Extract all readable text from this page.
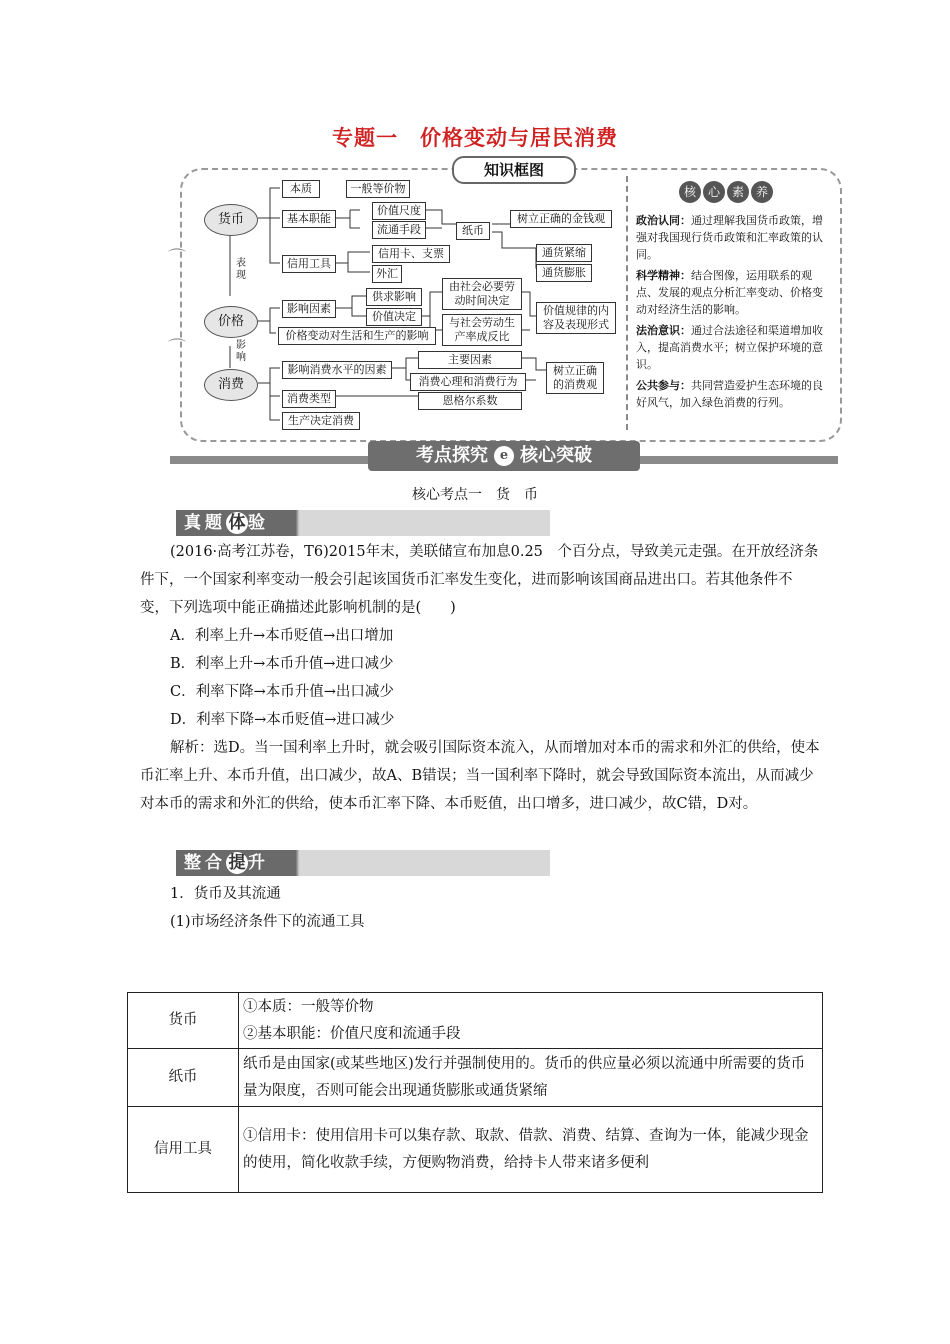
专题一　价格变动与居民消费
知识框图
⌒
⌒
货币
价格
消费
表现
影响
本质	一般等价物
基本职能
价值尺度
流通手段	纸币
树立正确的金钱观
通货紧缩
通货膨胀
信用工具
信用卡、支票
外汇
影响因素
供求影响
价值决定
由社会必要劳动时间决定
与社会劳动生产率成反比
价值规律的内容及表现形式
价格变动对生活和生产的影响
影响消费水平的因素
主要因素
消费心理和消费行为
树立正确的消费观
消费类型	恩格尔系数
生产决定消费
核 心 素 养

政治认同：通过理解我国货币政策，增强对我国现行货币政策和汇率政策的认同。

科学精神：结合图像，运用联系的观点、发展的观点分析汇率变动、价格变动对经济生活的影响。

法治意识：通过合法途径和渠道增加收入，提高消费水平；树立保护环境的意识。

公共参与：共同营造爱护生态环境的良好风气，加入绿色消费的行列。

考点探究 e 核心突破
核心考点一　货　币
真题 体 验

(2016·高考江苏卷，T6)2015年末，美联储宣布加息0.25　个百分点，导致美元走强。在开放经济条件下，一个国家利率变动一般会引起该国货币汇率发生变化，进而影响该国商品进出口。若其他条件不变，下列选项中能正确描述此影响机制的是(　　)

A．利率上升→本币贬值→出口增加

B．利率上升→本币升值→进口减少

C．利率下降→本币升值→出口减少

D．利率下降→本币贬值→进口减少

解析：选D。当一国利率上升时，就会吸引国际资本流入，从而增加对本币的需求和外汇的供给，使本币汇率上升、本币升值，出口减少，故A、B错误；当一国利率下降时，就会导致国际资本流出，从而减少对本币的需求和外汇的供给，使本币汇率下降、本币贬值，出口增多，进口减少，故C错，D对。

整合 提 升

1．货币及其流通

(1)市场经济条件下的流通工具

货币	①本质：一般等价物
②基本职能：价值尺度和流通手段

纸币	纸币是由国家(或某些地区)发行并强制使用的。货币的供应量必须以流通中所需要的货币量为限度，否则可能会出现通货膨胀或通货紧缩
信用工具	①信用卡：使用信用卡可以集存款、取款、借款、消费、结算、查询为一体，能减少现金的使用，简化收款手续，方便购物消费，给持卡人带来诸多便利
